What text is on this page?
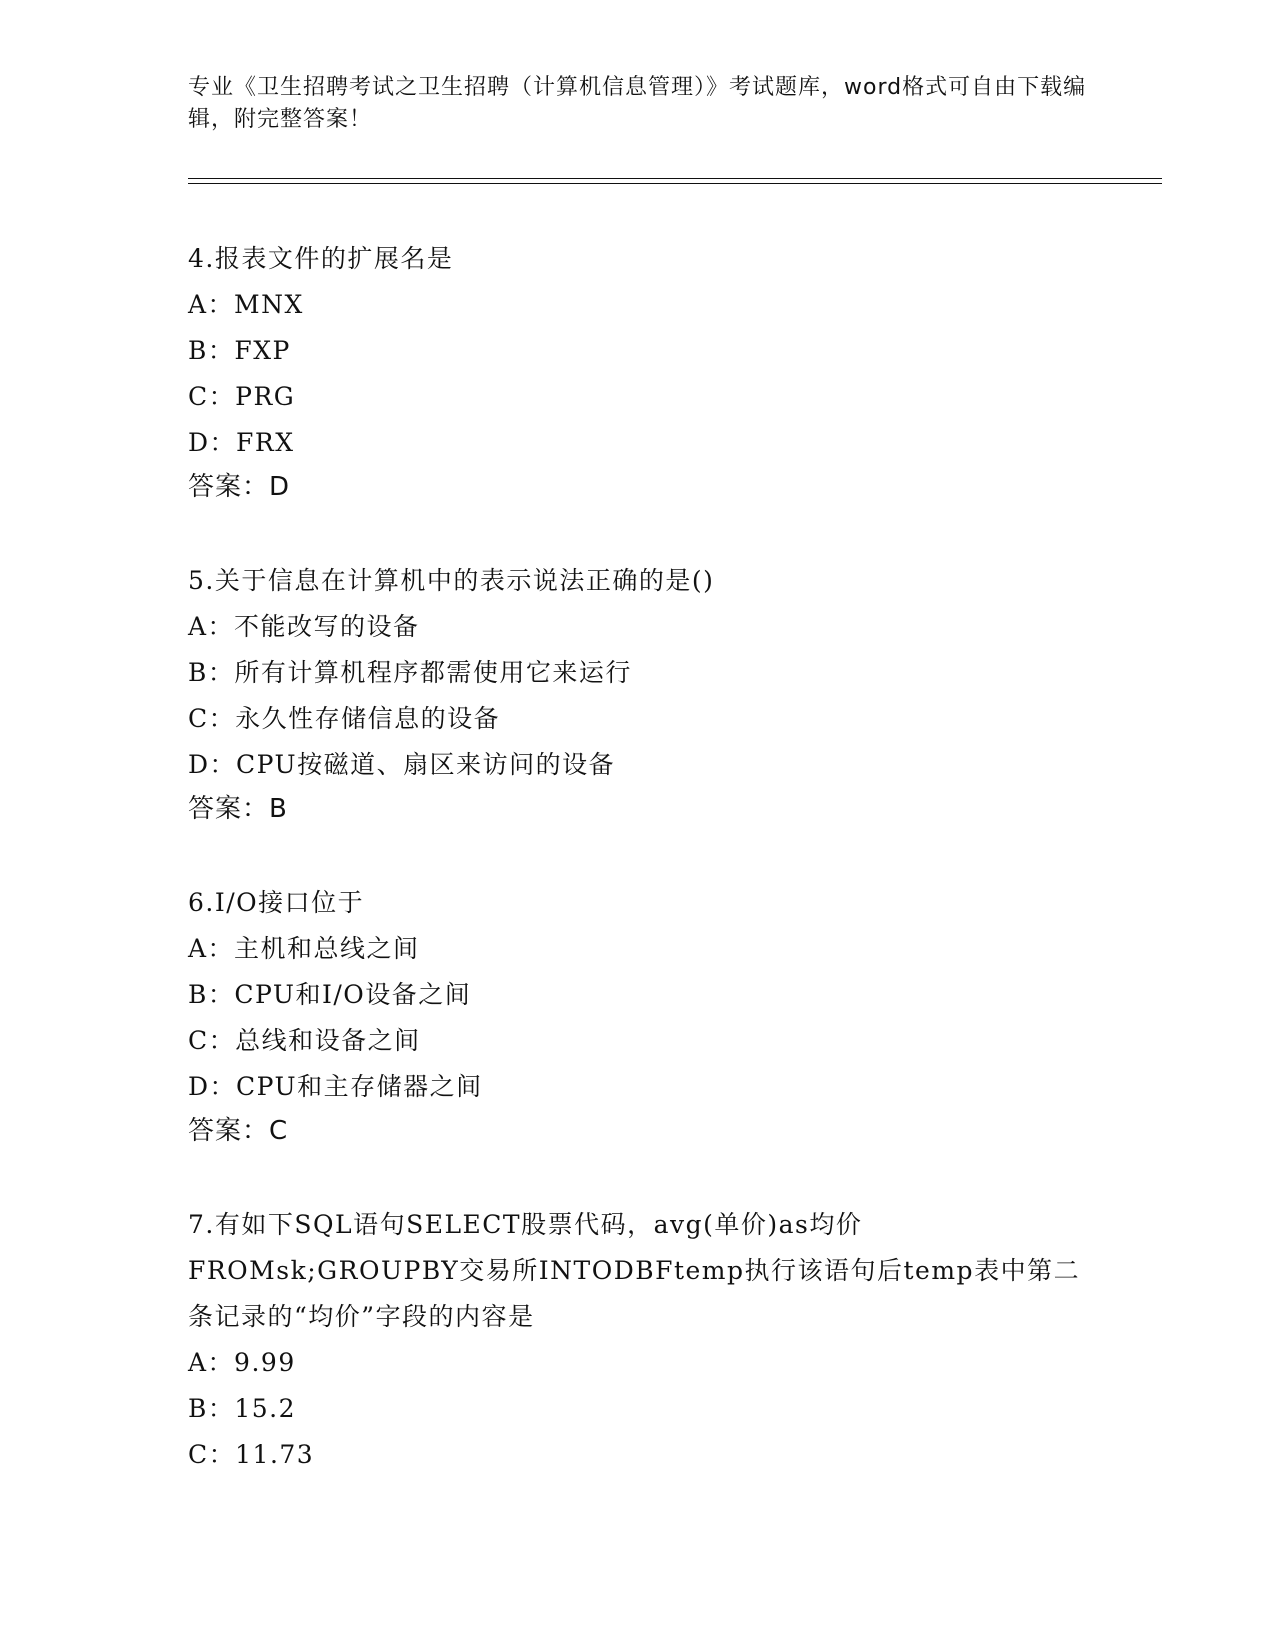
专业《卫生招聘考试之卫生招聘（计算机信息管理）》考试题库，word格式可自由下载编辑，附完整答案！
4.报表文件的扩展名是
A：MNX
B：FXP
C：PRG
D：FRX
答案：D
5.关于信息在计算机中的表示说法正确的是()
A：不能改写的设备
B：所有计算机程序都需使用它来运行
C：永久性存储信息的设备
D：CPU按磁道、扇区来访问的设备
答案：B
6.I/O接口位于
A：主机和总线之间
B：CPU和I/O设备之间
C：总线和设备之间
D：CPU和主存储器之间
答案：C
7.有如下SQL语句SELECT股票代码，avg(单价)as均价FROMsk;GROUPBY交易所INTODBFtemp执行该语句后temp表中第二条记录的“均价”字段的内容是
A：9.99
B：15.2
C：11.73
